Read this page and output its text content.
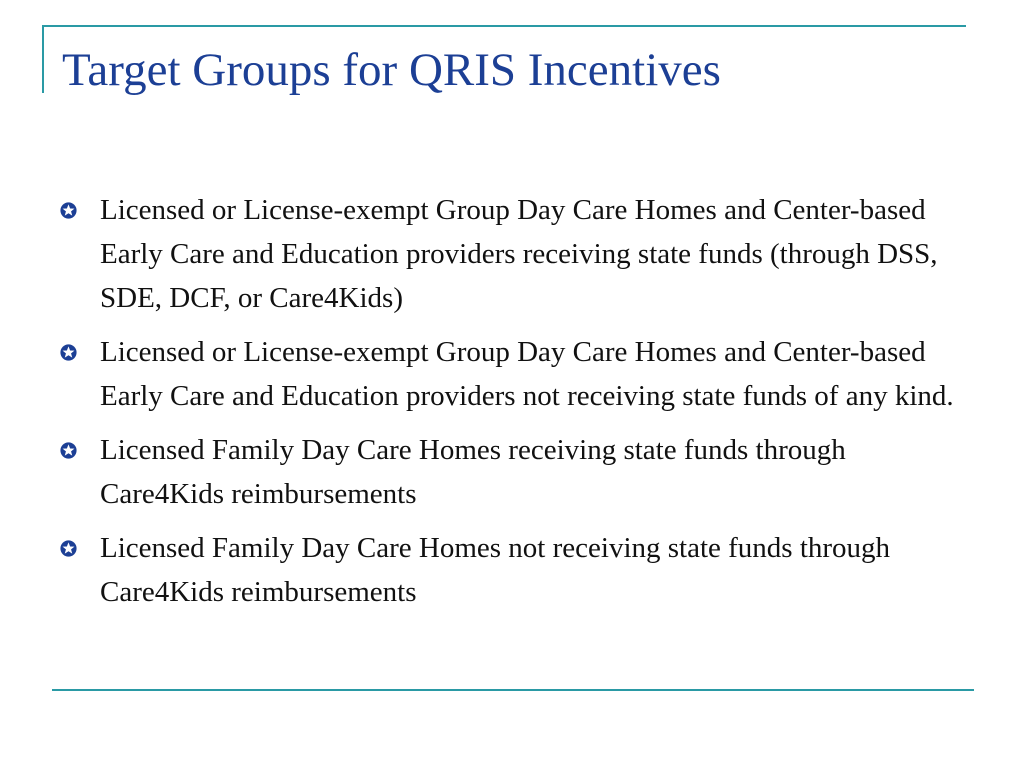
Target Groups for QRIS Incentives
Licensed or License-exempt Group Day Care Homes and Center-based Early Care and Education providers receiving state funds (through DSS, SDE, DCF, or Care4Kids)
Licensed or License-exempt Group Day Care Homes and Center-based Early Care and Education providers not receiving state funds of any kind.
Licensed Family Day Care Homes receiving state funds through Care4Kids reimbursements
Licensed Family Day Care Homes not receiving state funds through Care4Kids reimbursements
